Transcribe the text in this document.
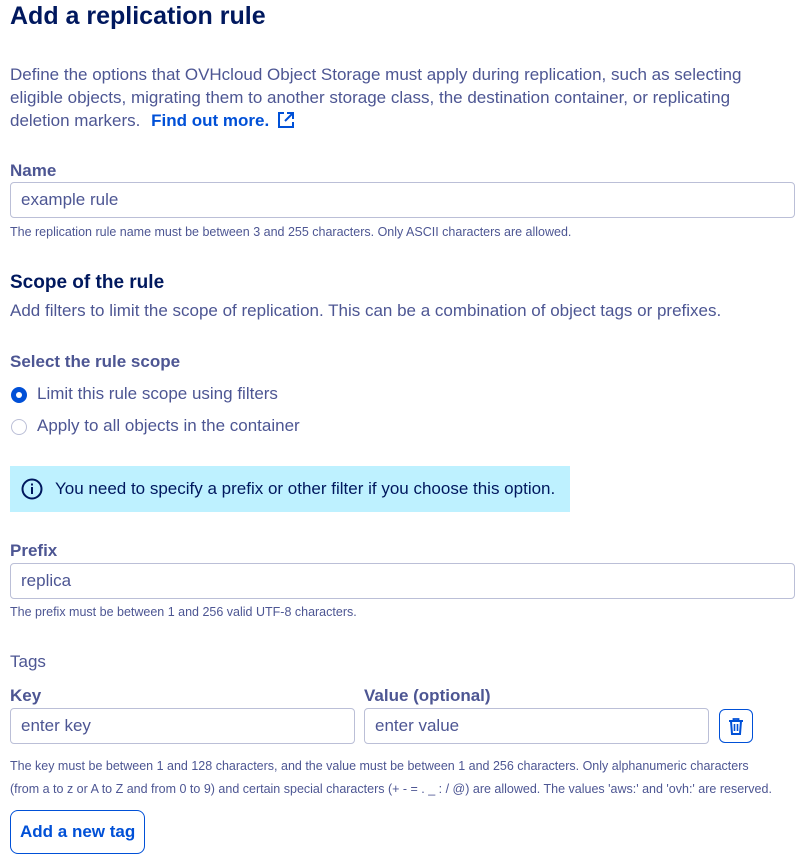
Add a replication rule
Define the options that OVHcloud Object Storage must apply during replication, such as selecting eligible objects, migrating them to another storage class, the destination container, or replicating deletion markers. Find out more.
Name
example rule
The replication rule name must be between 3 and 255 characters. Only ASCII characters are allowed.
Scope of the rule
Add filters to limit the scope of replication. This can be a combination of object tags or prefixes.
Select the rule scope
Limit this rule scope using filters
Apply to all objects in the container
You need to specify a prefix or other filter if you choose this option.
Prefix
replica
The prefix must be between 1 and 256 valid UTF-8 characters.
Tags
Key	Value (optional)
enter key	enter value
The key must be between 1 and 128 characters, and the value must be between 1 and 256 characters. Only alphanumeric characters
(from a to z or A to Z and from 0 to 9) and certain special characters (+ - = . _ : / @) are allowed. The values 'aws:' and 'ovh:' are reserved.
Add a new tag
